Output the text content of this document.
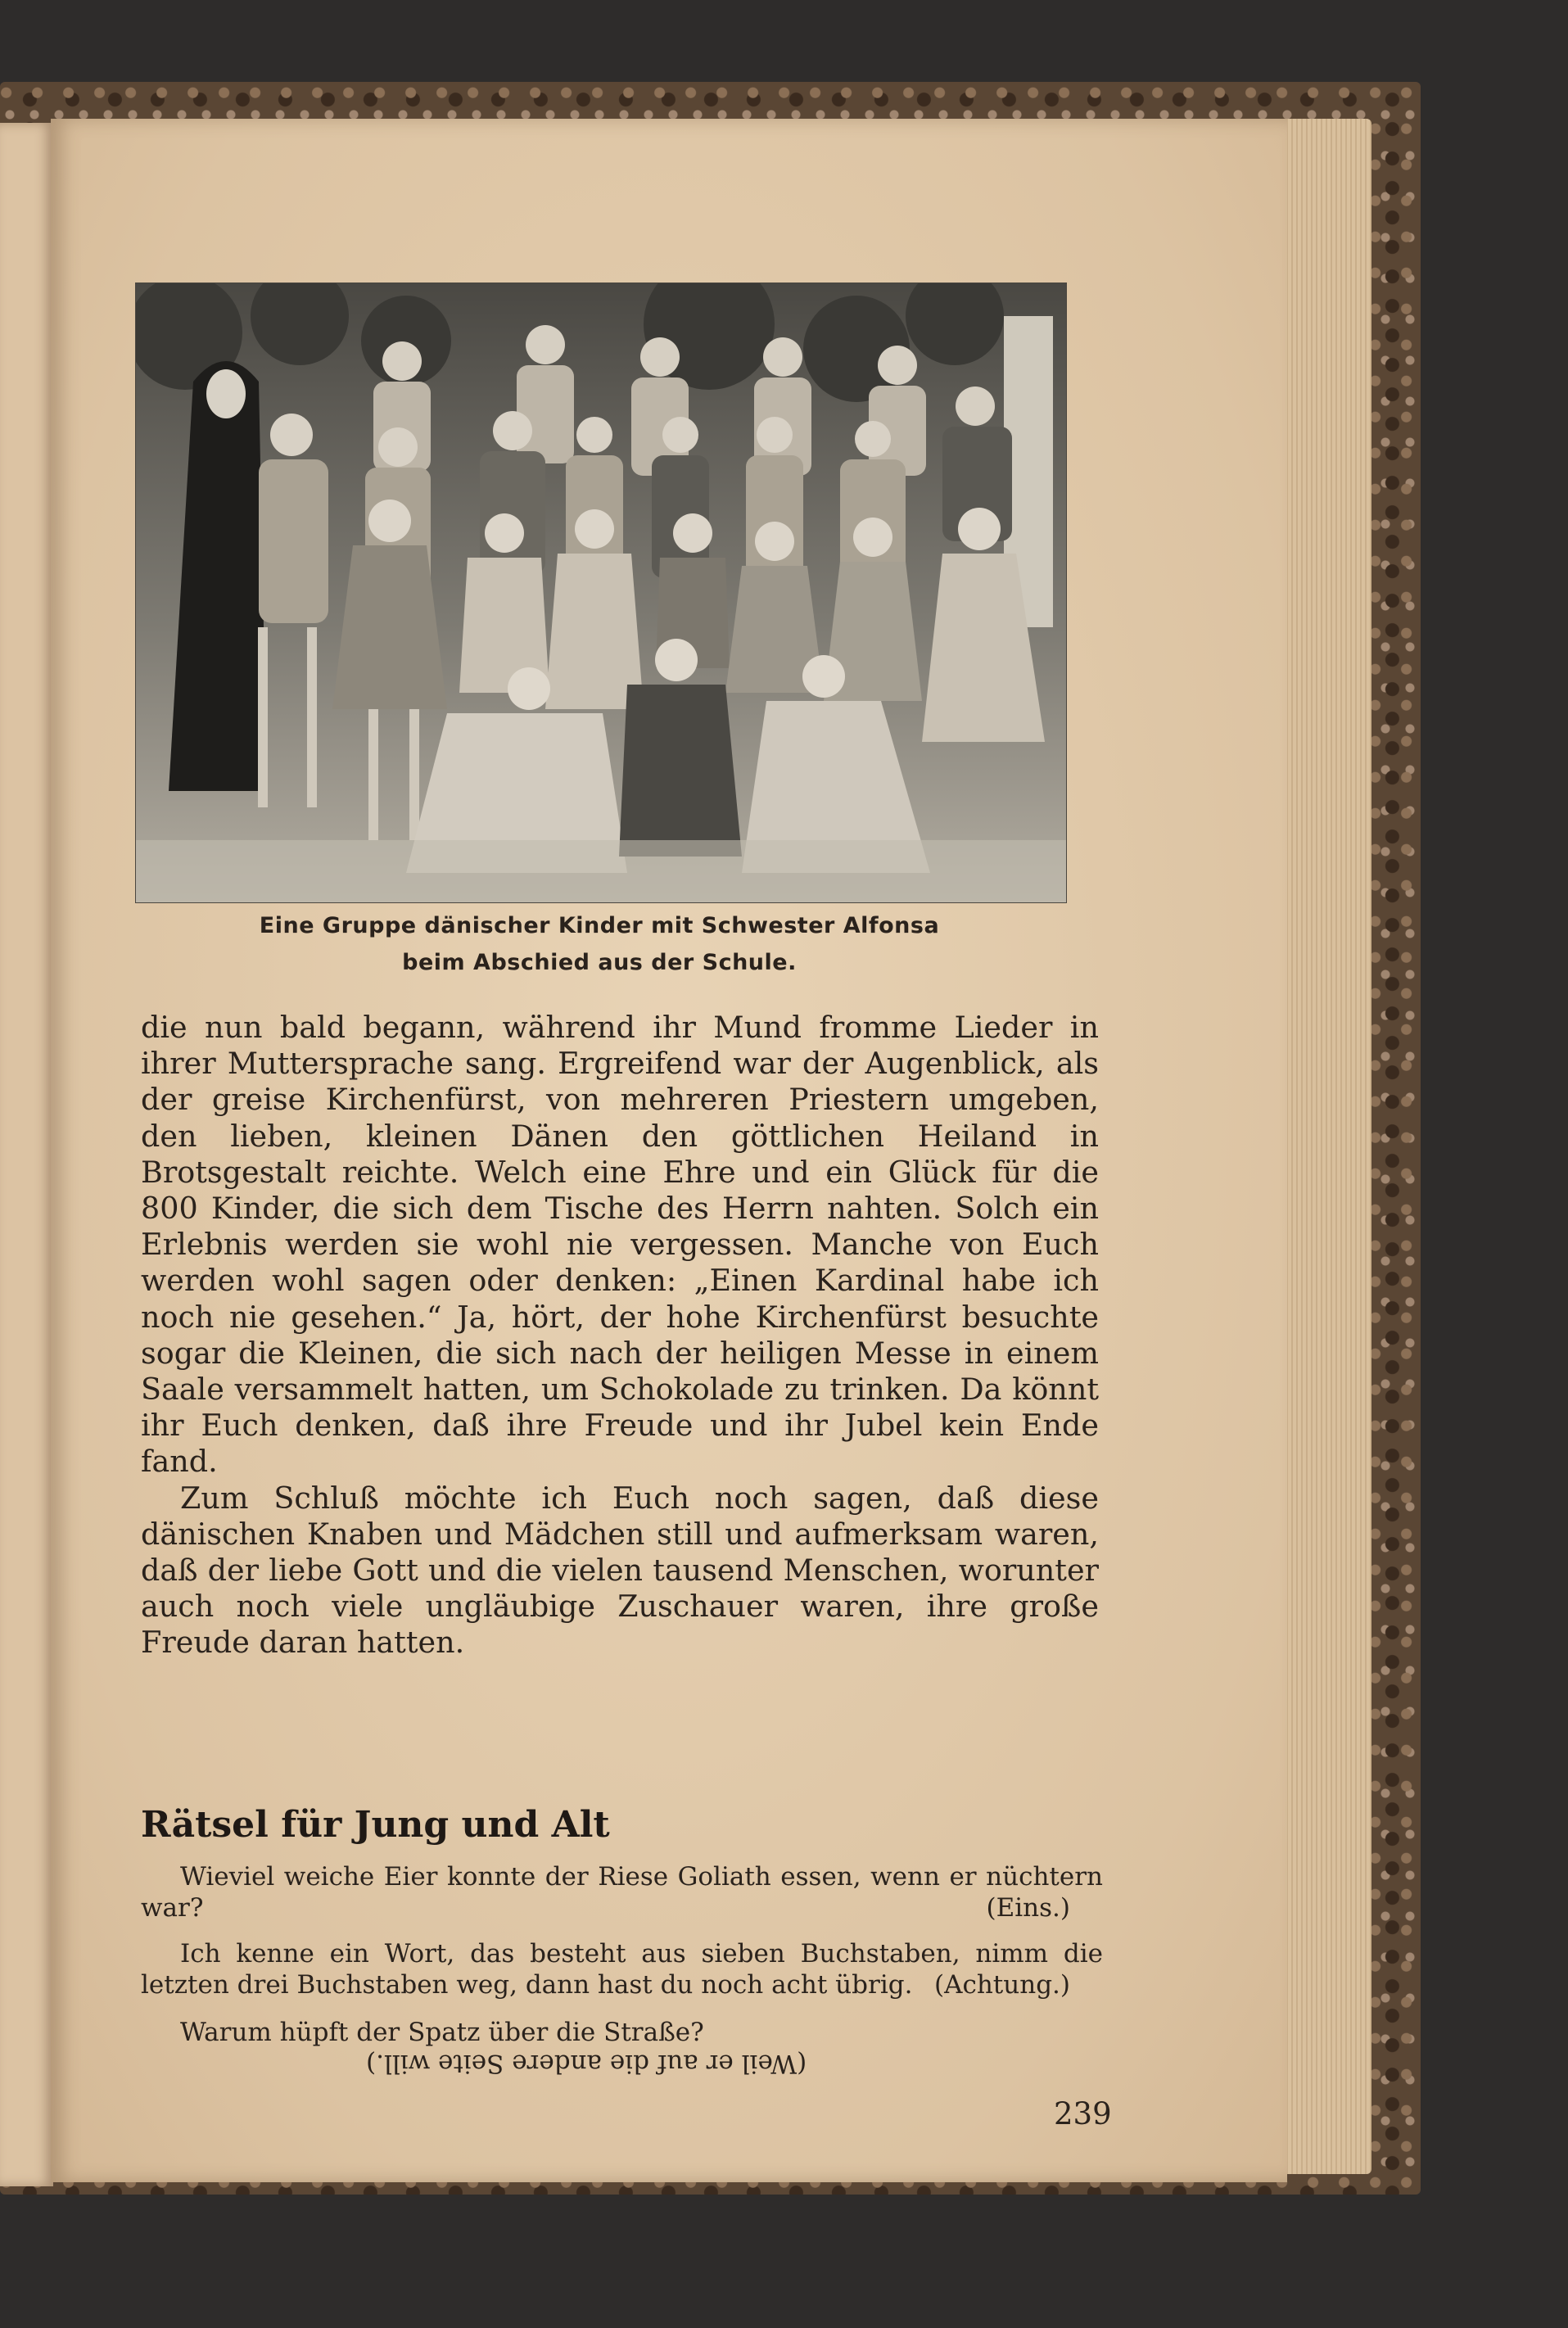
Eine Gruppe dänischer Kinder mit Schwester Alfonsa
beim Abschied aus der Schule.

die nun bald begann, während ihr Mund fromme Lieder in ihrer Muttersprache sang. Ergreifend war der Augenblick, als der greise Kirchenfürst, von mehreren Priestern umgeben, den lieben, kleinen Dänen den göttlichen Heiland in Brotsgestalt reichte. Welch eine Ehre und ein Glück für die 800 Kinder, die sich dem Tische des Herrn nahten. Solch ein Erlebnis werden sie wohl nie vergessen. Manche von Euch werden wohl sagen oder denken: „Einen Kardinal habe ich noch nie gesehen.“ Ja, hört, der hohe Kirchenfürst besuchte sogar die Kleinen, die sich nach der heiligen Messe in einem Saale versammelt hatten, um Schokolade zu trinken. Da könnt ihr Euch denken, daß ihre Freude und ihr Jubel kein Ende fand.

Zum Schluß möchte ich Euch noch sagen, daß diese dänischen Knaben und Mädchen still und aufmerksam waren, daß der liebe Gott und die vielen tausend Menschen, worunter auch noch viele ungläubige Zuschauer waren, ihre große Freude daran hatten.

Rätsel für Jung und Alt
Wieviel weiche Eier konnte der Riese Goliath essen, wenn er nüchtern war?	(Eins.)
Ich kenne ein Wort, das besteht aus sieben Buchstaben, nimm die letzten drei Buchstaben weg, dann hast du noch acht übrig. (Achtung.)
Warum hüpft der Spatz über die Straße?
(Weil er auf die andere Seite will.)
239
